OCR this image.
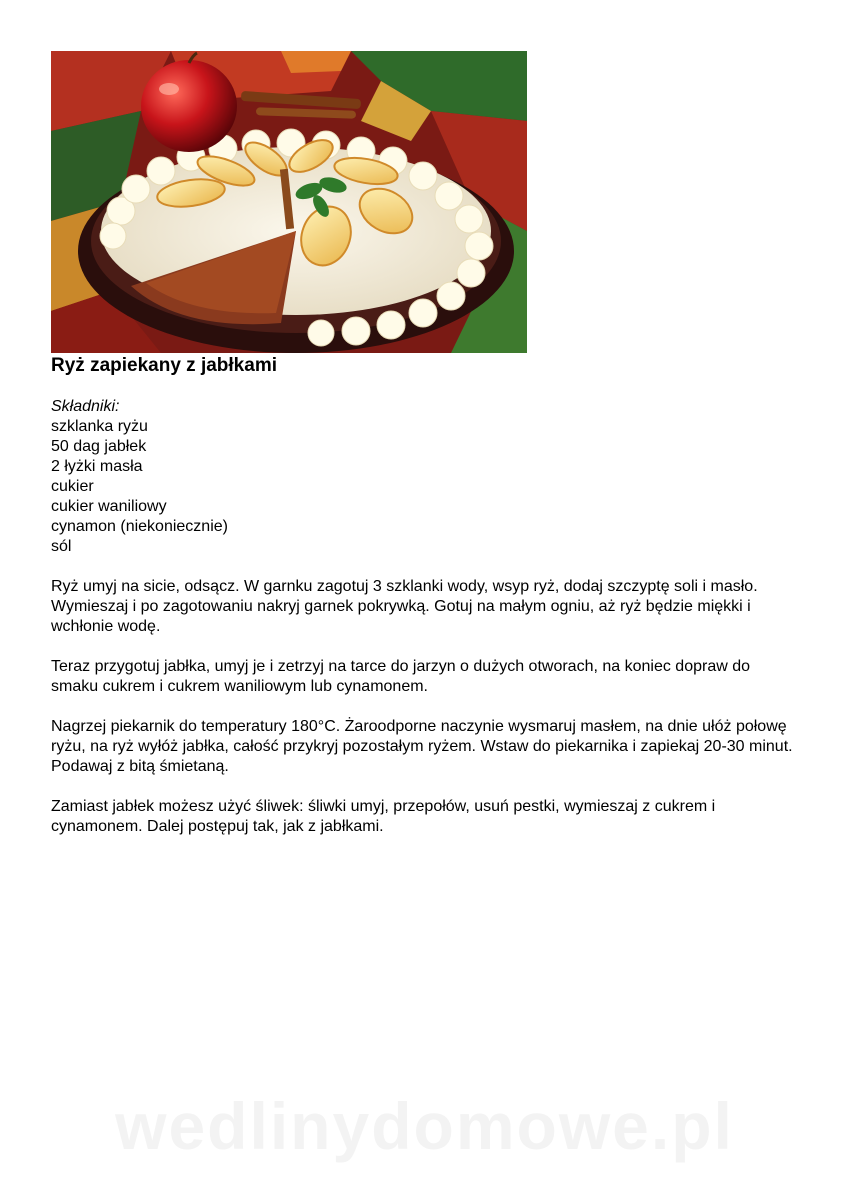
Ryż zapiekany z jabłkami
Składniki:
szklanka ryżu
50 dag jabłek
2 łyżki masła
cukier
cukier waniliowy
cynamon (niekoniecznie)
sól

Ryż umyj na sicie, odsącz. W garnku zagotuj 3 szklanki wody, wsyp ryż, dodaj szczyptę soli i masło. Wymieszaj i po zagotowaniu nakryj garnek pokrywką. Gotuj na małym ogniu, aż ryż będzie miękki i wchłonie wodę.

Teraz przygotuj jabłka, umyj je i zetrzyj na tarce do jarzyn o dużych otworach, na koniec dopraw do smaku cukrem i cukrem waniliowym lub cynamonem.

Nagrzej piekarnik do temperatury 180°C. Żaroodporne naczynie wysmaruj masłem, na dnie ułóż połowę ryżu, na ryż wyłóż jabłka, całość przykryj pozostałym ryżem. Wstaw do piekarnika i zapiekaj 20-30 minut. Podawaj z bitą śmietaną.

Zamiast jabłek możesz użyć śliwek: śliwki umyj, przepołów, usuń pestki, wymieszaj z cukrem i cynamonem. Dalej postępuj tak, jak z jabłkami.

wedlinydomowe.pl
